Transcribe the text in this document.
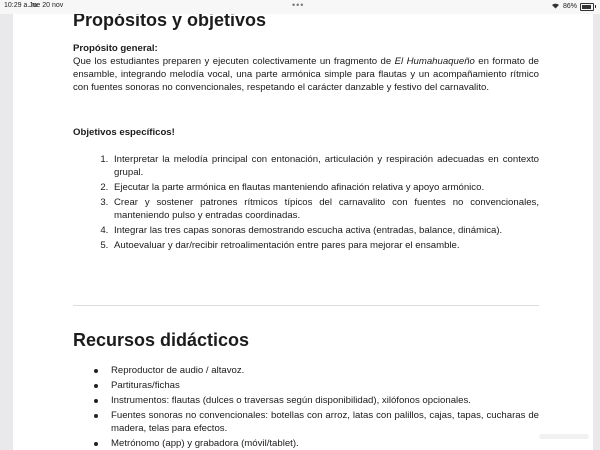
10:29 a. m.
Jue 20 nov	•••	86%
Propósitos y objetivos
Propósito general:
Que los estudiantes preparen y ejecuten colectivamente un fragmento de El Humahuaqueño en formato de ensamble, integrando melodía vocal, una parte armónica simple para flautas y un acompañamiento rítmico con fuentes sonoras no convencionales, respetando el carácter danzable y festivo del carnavalito.
Objetivos específicos!
1. Interpretar la melodía principal con entonación, articulación y respiración adecuadas en contexto grupal.
2. Ejecutar la parte armónica en flautas manteniendo afinación relativa y apoyo armónico.
3. Crear y sostener patrones rítmicos típicos del carnavalito con fuentes no convencionales, manteniendo pulso y entradas coordinadas.
4. Integrar las tres capas sonoras demostrando escucha activa (entradas, balance, dinámica).
5. Autoevaluar y dar/recibir retroalimentación entre pares para mejorar el ensamble.
Recursos didácticos
Reproductor de audio / altavoz.
Partituras/fichas
Instrumentos: flautas (dulces o traversas según disponibilidad), xilófonos opcionales.
Fuentes sonoras no convencionales: botellas con arroz, latas con palillos, cajas, tapas, cucharas de madera, telas para efectos.
Metrónomo (app) y grabadora (móvil/tablet).
